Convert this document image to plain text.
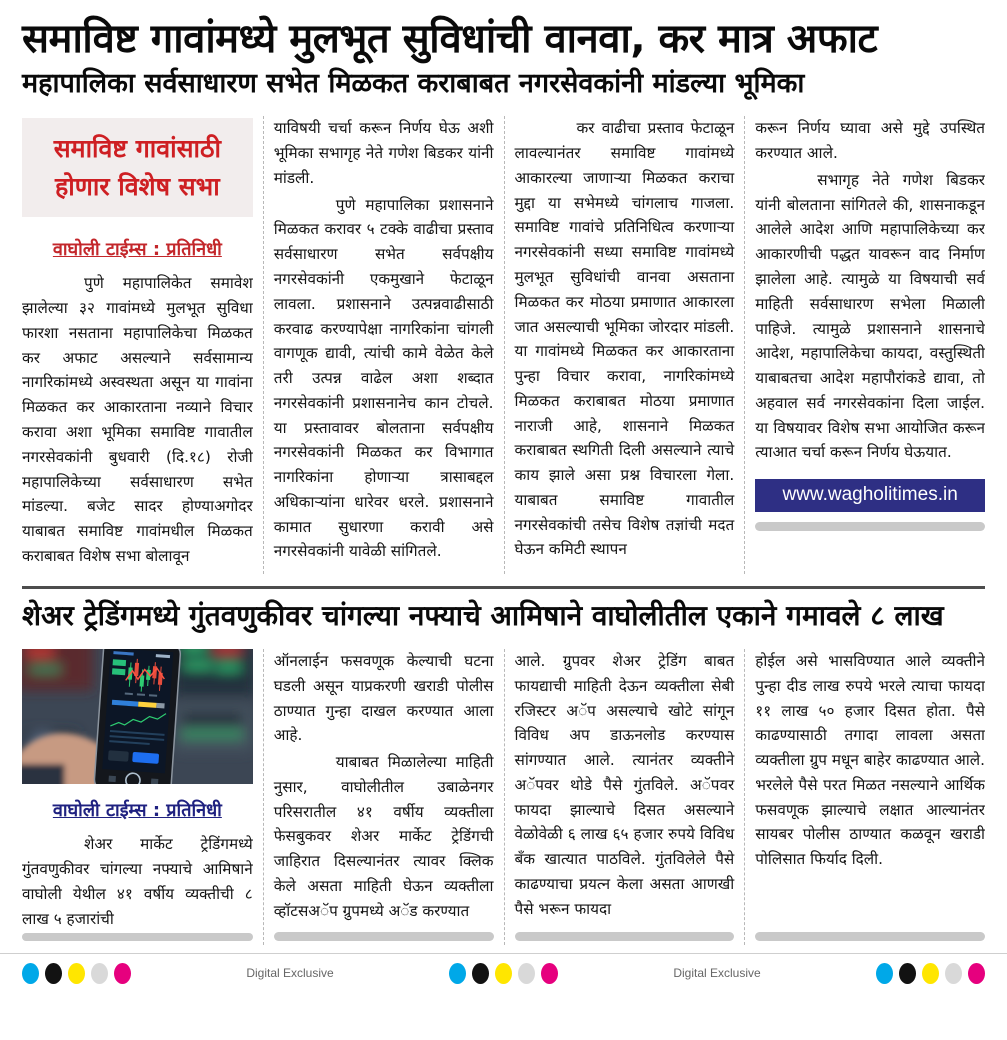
समाविष्ट गावांमध्ये मुलभूत सुविधांची वानवा, कर मात्र अफाट
महापालिका सर्वसाधारण सभेत मिळकत कराबाबत नगरसेवकांनी मांडल्या भूमिका
समाविष्ट गावांसाठी होणार विशेष सभा
वाघोली टाईम्स : प्रतिनिधी

पुणे महापालिकेत समावेश झालेल्या ३२ गावांमध्ये मुलभूत सुविधा फारशा नसताना महापालिकेचा मिळकत कर अफाट असल्याने सर्वसामान्य नागरिकांमध्ये अस्वस्थता असून या गावांना मिळकत कर आकारताना नव्याने विचार करावा अशा भूमिका समाविष्ट गावातील नगरसेवकांनी बुधवारी (दि.१८) रोजी महापालिकेच्या सर्वसाधारण सभेत मांडल्या. बजेट सादर होण्याअगोदर याबाबत समाविष्ट गावांमधील मिळकत कराबाबत विशेष सभा बोलावून

याविषयी चर्चा करून निर्णय घेऊ अशी भूमिका सभागृह नेते गणेश बिडकर यांनी मांडली.

पुणे महापालिका प्रशासनाने मिळकत करावर ५ टक्के वाढीचा प्रस्ताव सर्वसाधारण सभेत सर्वपक्षीय नगरसेवकांनी एकमुखाने फेटाळून लावला. प्रशासनाने उत्पन्नवाढीसाठी करवाढ करण्यापेक्षा नागरिकांना चांगली वागणूक द्यावी, त्यांची कामे वेळेत केले तरी उत्पन्न वाढेल अशा शब्दात नगरसेवकांनी प्रशासनानेच कान टोचले. या प्रस्तावावर बोलताना सर्वपक्षीय नगरसेवकांनी मिळकत कर विभागात नागरिकांना होणाऱ्या त्रासाबद्दल अधिकाऱ्यांना धारेवर धरले. प्रशासनाने कामात सुधारणा करावी असे नगरसेवकांनी यावेळी सांगितले.

कर वाढीचा प्रस्ताव फेटाळून लावल्यानंतर समाविष्ट गावांमध्ये आकारल्या जाणाऱ्या मिळकत कराचा मुद्दा या सभेमध्ये चांगलाच गाजला. समाविष्ट गावांचे प्रतिनिधित्व करणाऱ्या नगरसेवकांनी सध्या समाविष्ट गावांमध्ये मुलभूत सुविधांची वानवा असताना मिळकत कर मोठया प्रमाणात आकारला जात असल्याची भूमिका जोरदार मांडली. या गावांमध्ये मिळकत कर आकारताना पुन्हा विचार करावा, नागरिकांमध्ये मिळकत कराबाबत मोठया प्रमाणात नाराजी आहे, शासनाने मिळकत कराबाबत स्थगिती दिली असल्याने त्याचे काय झाले असा प्रश्न विचारला गेला. याबाबत समाविष्ट गावातील नगरसेवकांची तसेच विशेष तज्ञांची मदत घेऊन कमिटी स्थापन

करून निर्णय घ्यावा असे मुद्दे उपस्थित करण्यात आले.

सभागृह नेते गणेश बिडकर यांनी बोलताना सांगितले की, शासनाकडून आलेले आदेश आणि महापालिकेच्या कर आकारणीची पद्धत यावरून वाद निर्माण झालेला आहे. त्यामुळे या विषयाची सर्व माहिती सर्वसाधारण सभेला मिळाली पाहिजे. त्यामुळे प्रशासनाने शासनाचे आदेश, महापालिकेचा कायदा, वस्तुस्थिती याबाबतचा आदेश महापौरांकडे द्यावा, तो अहवाल सर्व नगरसेवकांना दिला जाईल. या विषयावर विशेष सभा आयोजित करून त्याआत चर्चा करून निर्णय घेऊयात.

www.wagholitimes.in
शेअर ट्रेडिंगमध्ये गुंतवणुकीवर चांगल्या नफ्याचे आमिषाने वाघोलीतील एकाने गमावले ८ लाख
वाघोली टाईम्स : प्रतिनिधी

शेअर मार्केट ट्रेडिंगमध्ये गुंतवणुकीवर चांगल्या नफ्याचे आमिषाने वाघोली येथील ४१ वर्षीय व्यक्तीची ८ लाख ५ हजारांची

ऑनलाईन फसवणूक केल्याची घटना घडली असून याप्रकरणी खराडी पोलीस ठाण्यात गुन्हा दाखल करण्यात आला आहे.

याबाबत मिळालेल्या माहिती नुसार, वाघोलीतील उबाळेनगर परिसरातील ४१ वर्षीय व्यक्तीला फेसबुकवर शेअर मार्केट ट्रेडिंगची जाहिरात दिसल्यानंतर त्यावर क्लिक केले असता माहिती घेऊन व्यक्तीला व्हॉटसअॅप ग्रुपमध्ये अॅड करण्यात

आले. ग्रुपवर शेअर ट्रेडिंग बाबत फायद्याची माहिती देऊन व्यक्तीला सेबी रजिस्टर अॅप असल्याचे खोटे सांगून विविध अप डाऊनलोड करण्यास सांगण्यात आले. त्यानंतर व्यक्तीने अॅपवर थोडे पैसे गुंतविले. अॅपवर फायदा झाल्याचे दिसत असल्याने वेळोवेळी ६ लाख ६५ हजार रुपये विविध बँक खात्यात पाठविले. गुंतविलेले पैसे काढण्याचा प्रयत्न केला असता आणखी पैसे भरून फायदा

होईल असे भासविण्यात आले व्यक्तीने पुन्हा दीड लाख रुपये भरले त्याचा फायदा ११ लाख ५० हजार दिसत होता. पैसे काढण्यासाठी तगादा लावला असता व्यक्तीला ग्रुप मधून बाहेर काढण्यात आले. भरलेले पैसे परत मिळत नसल्याने आर्थिक फसवणूक झाल्याचे लक्षात आल्यानंतर सायबर पोलीस ठाण्यात कळवून खराडी पोलिसात फिर्याद दिली.

Digital Exclusive	Digital Exclusive
